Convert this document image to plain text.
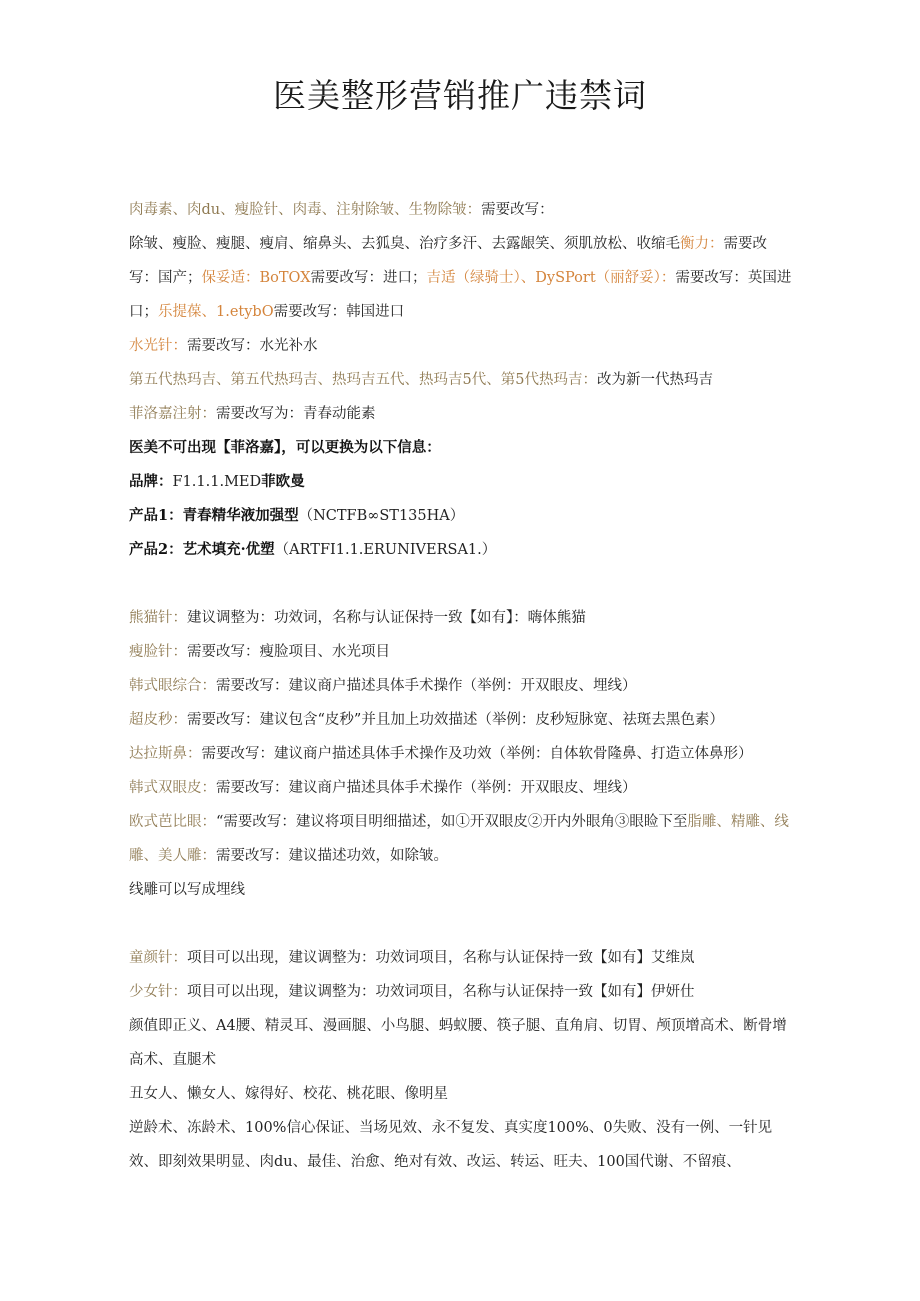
医美整形营销推广违禁词

肉毒素、肉du、瘦脸针、肉毒、注射除皱、生物除皱：需要改写：
除皱、瘦脸、瘦腿、瘦肩、缩鼻头、去狐臭、治疗多汗、去露龈笑、须肌放松、收缩毛衡力：需要改写：国产；保妥适：BoTOX需要改写：进口；吉适（绿骑士）、DySPort（丽舒妥）：需要改写：英国进口；乐提葆、1.etybO需要改写：韩国进口

水光针：需要改写：水光补水

第五代热玛吉、第五代热玛吉、热玛吉五代、热玛吉5代、第5代热玛吉：改为新一代热玛吉

菲洛嘉注射：需要改写为：青春动能素

医美不可出现【菲洛嘉】，可以更换为以下信息：

品牌：F1.1.1.MED菲欧曼

产品1：青春精华液加强型（NCTFB∞ST135HA）

产品2：艺术填充·优塑（ARTFI1.1.ERUNIVERSA1.）

熊猫针：建议调整为：功效词，名称与认证保持一致【如有】：嗨体熊猫

瘦脸针：需要改写：瘦脸项目、水光项目

韩式眼综合：需要改写：建议商户描述具体手术操作（举例：开双眼皮、埋线）

超皮秒：需要改写：建议包含“皮秒”并且加上功效描述（举例：皮秒短脉宽、祛斑去黑色素）

达拉斯鼻：需要改写：建议商户描述具体手术操作及功效（举例：自体软骨隆鼻、打造立体鼻形）

韩式双眼皮：需要改写：建议商户描述具体手术操作（举例：开双眼皮、埋线）

欧式芭比眼：“需要改写：建议将项目明细描述，如①开双眼皮②开内外眼角③眼睑下至脂雕、精雕、线雕、美人雕：需要改写：建议描述功效，如除皱。

线雕可以写成埋线

童颜针：项目可以出现，建议调整为：功效词项目，名称与认证保持一致【如有】艾维岚

少女针：项目可以出现，建议调整为：功效词项目，名称与认证保持一致【如有】伊妍仕

颜值即正义、A4腰、精灵耳、漫画腿、小鸟腿、蚂蚁腰、筷子腿、直角肩、切胃、颅顶增高术、断骨增高术、直腿术

丑女人、懒女人、嫁得好、校花、桃花眼、像明星

逆龄术、冻龄术、100%信心保证、当场见效、永不复发、真实度100%、0失败、没有一例、一针见效、即刻效果明显、肉du、最佳、治愈、绝对有效、改运、转运、旺夫、100国代谢、不留痕、
